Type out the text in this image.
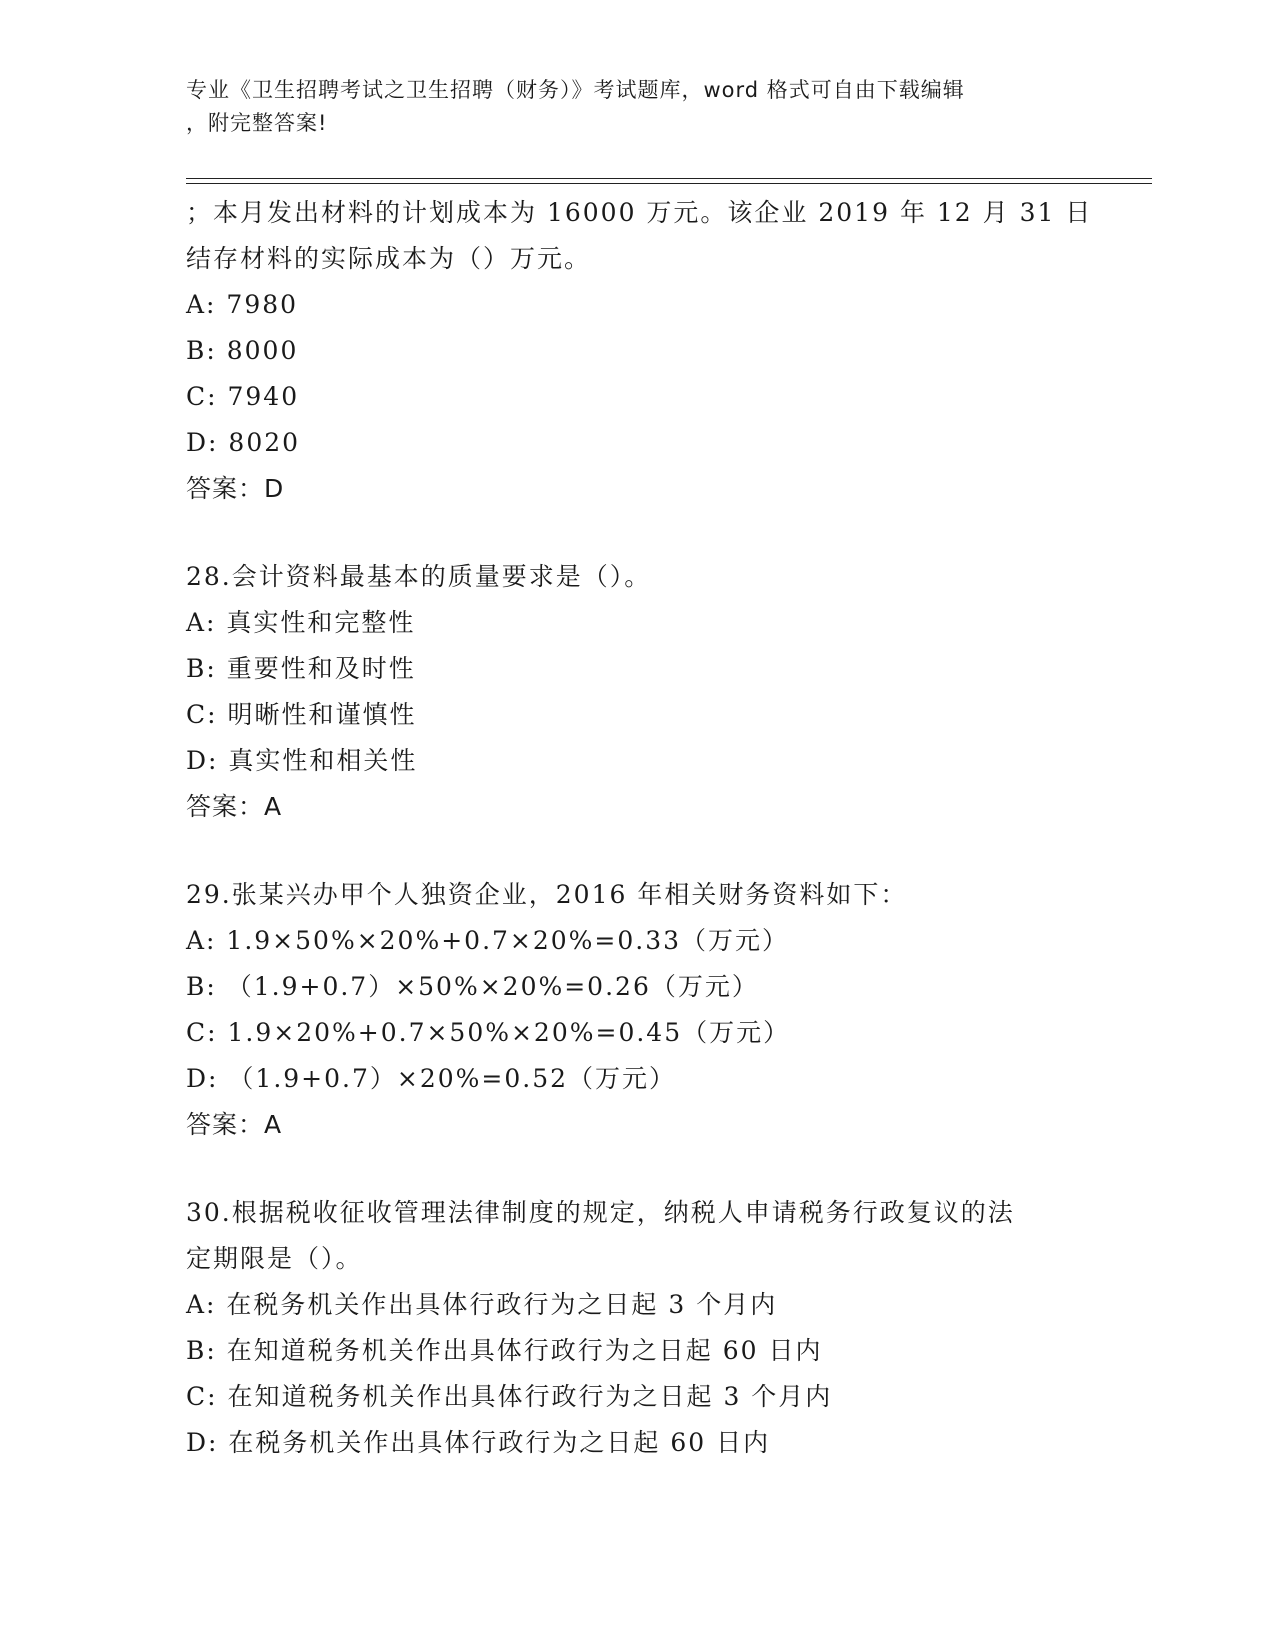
专业《卫生招聘考试之卫生招聘（财务）》考试题库，word 格式可自由下载编辑
，附完整答案!
；本月发出材料的计划成本为 16000 万元。该企业 2019 年 12 月 31 日
结存材料的实际成本为（）万元。
A: 7980
B: 8000
C: 7940
D: 8020
答案：D
28.会计资料最基本的质量要求是（）。
A: 真实性和完整性
B: 重要性和及时性
C: 明晰性和谨慎性
D: 真实性和相关性
答案：A
29.张某兴办甲个人独资企业，2016 年相关财务资料如下：
A: 1.9×50%×20%+0.7×20%=0.33（万元）
B: （1.9+0.7）×50%×20%=0.26（万元）
C: 1.9×20%+0.7×50%×20%=0.45（万元）
D: （1.9+0.7）×20%=0.52（万元）
答案：A
30.根据税收征收管理法律制度的规定，纳税人申请税务行政复议的法
定期限是（）。
A: 在税务机关作出具体行政行为之日起 3 个月内
B: 在知道税务机关作出具体行政行为之日起 60 日内
C: 在知道税务机关作出具体行政行为之日起 3 个月内
D: 在税务机关作出具体行政行为之日起 60 日内
